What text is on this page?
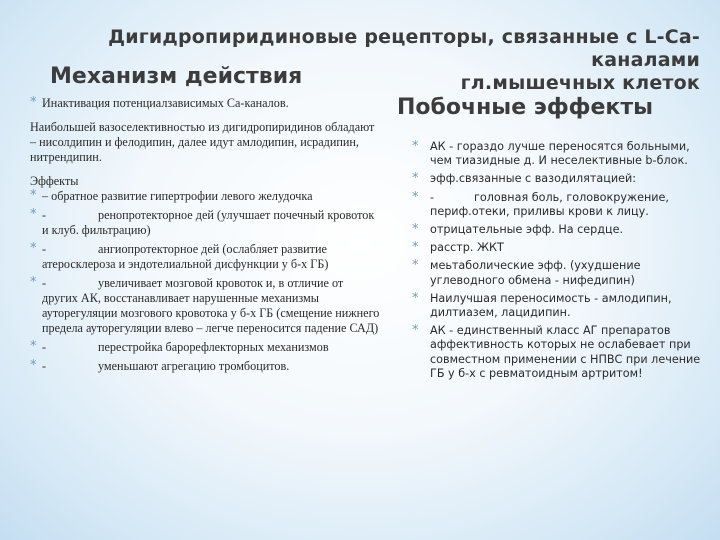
Дигидропиридиновые рецепторы, связанные с L-Ca-каналами
гл.мышечных клеток
Механизм действия
Побочные эффекты
* Инактивация потенциалзависимых Са-каналов.

Наибольшей вазоселективностью из дигидропиридинов обладают – нисолдипин и фелодипин, далее идут амлодипин, исрадипин, нитрендипин.

Эффекты

* – обратное развитие гипертрофии левого желудочка
* -	ренопротекторное дей (улучшает почечный кровоток и клуб. фильтрацию)
* -	ангиопротекторное дей (ослабляет развитие атеросклероза и эндотелиальной дисфункции у б-х ГБ)
* -	увеличивает мозговой кровоток и, в отличие от других АК, восстанавливает нарушенные механизмы ауторегуляции мозгового кровотока у б-х ГБ (смещение нижнего предела ауторегуляции влево – легче переносится падение САД)
* -	перестройка барорефлекторных механизмов
* -	уменьшают агрегацию тромбоцитов.
* АК - гораздо лучше переносятся больными, чем тиазидные д. И неселективные b-блок.
* эфф.связанные с вазодилятацией:
* -	головная боль, головокружение, периф.отеки, приливы крови к лицу.
* отрицательные эфф. На сердце.
* расстр. ЖКТ
* меьтаболические эфф. (ухудшение углеводного обмена - нифедипин)
* Наилучшая переносимость - амлодипин, дилтиазем, лацидипин.
* АК - единственный класс АГ препаратов аффективность которых не ослабевает при совместном применении с НПВС при лечение ГБ у б-х с ревматоидным артритом!
